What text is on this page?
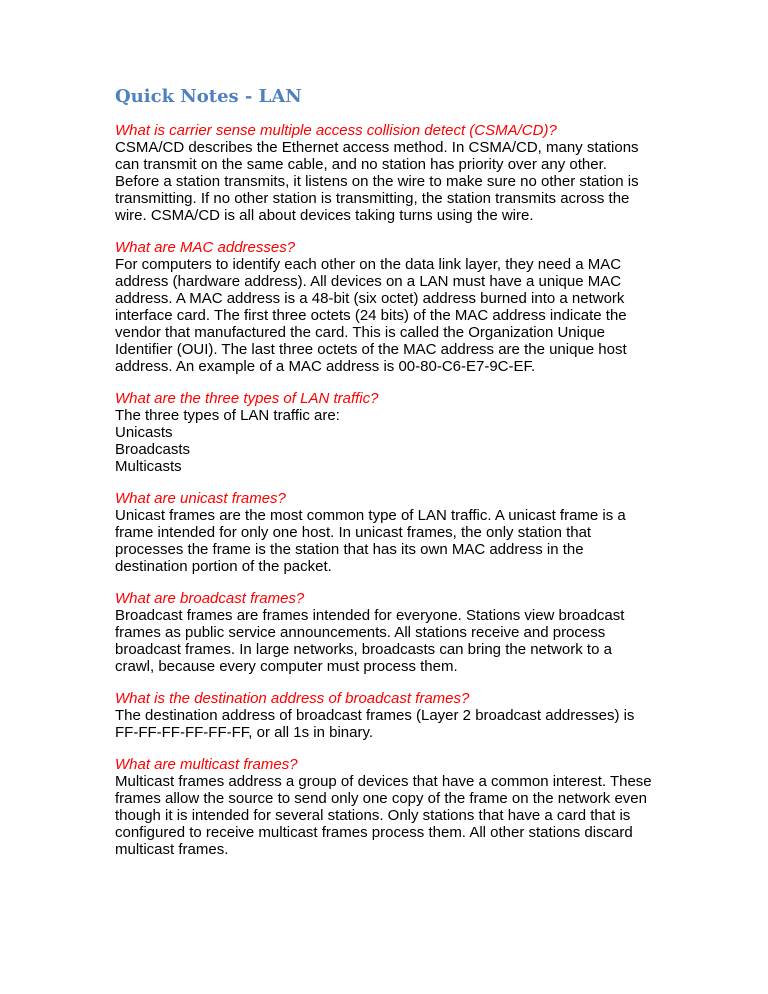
Quick Notes - LAN

What is carrier sense multiple access collision detect (CSMA/CD)?

CSMA/CD describes the Ethernet access method. In CSMA/CD, many stations
can transmit on the same cable, and no station has priority over any other.
Before a station transmits, it listens on the wire to make sure no other station is
transmitting. If no other station is transmitting, the station transmits across the
wire. CSMA/CD is all about devices taking turns using the wire.

What are MAC addresses?

For computers to identify each other on the data link layer, they need a MAC
address (hardware address). All devices on a LAN must have a unique MAC
address. A MAC address is a 48-bit (six octet) address burned into a network
interface card. The first three octets (24 bits) of the MAC address indicate the
vendor that manufactured the card. This is called the Organization Unique
Identifier (OUI). The last three octets of the MAC address are the unique host
address. An example of a MAC address is 00-80-C6-E7-9C-EF.

What are the three types of LAN traffic?

The three types of LAN traffic are:

Unicasts
Broadcasts
Multicasts

What are unicast frames?

Unicast frames are the most common type of LAN traffic. A unicast frame is a
frame intended for only one host. In unicast frames, the only station that
processes the frame is the station that has its own MAC address in the
destination portion of the packet.

What are broadcast frames?

Broadcast frames are frames intended for everyone. Stations view broadcast
frames as public service announcements. All stations receive and process
broadcast frames. In large networks, broadcasts can bring the network to a
crawl, because every computer must process them.

What is the destination address of broadcast frames?

The destination address of broadcast frames (Layer 2 broadcast addresses) is
FF-FF-FF-FF-FF-FF, or all 1s in binary.

What are multicast frames?

Multicast frames address a group of devices that have a common interest. These
frames allow the source to send only one copy of the frame on the network even
though it is intended for several stations. Only stations that have a card that is
configured to receive multicast frames process them. All other stations discard
multicast frames.
